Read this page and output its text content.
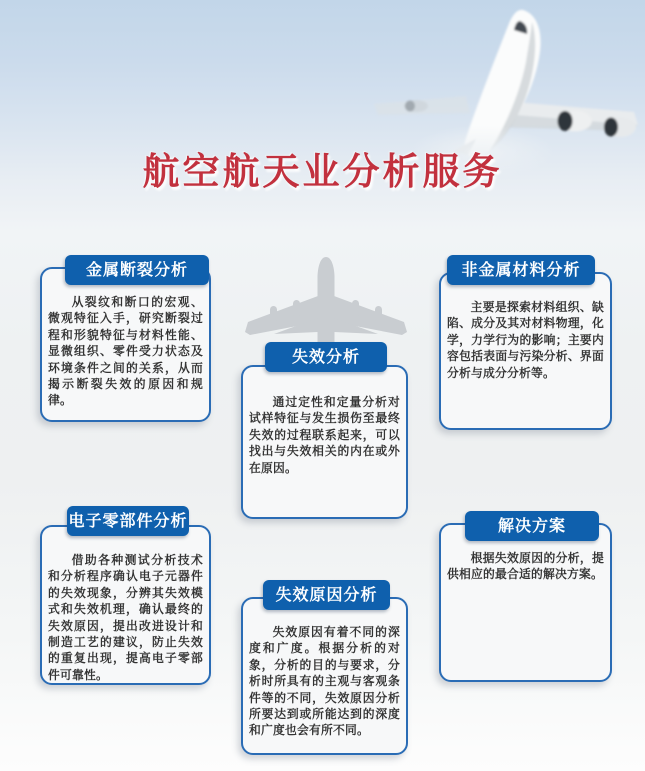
航空航天业分析服务
金属断裂分析
从裂纹和断口的宏观、微观特征入手，研究断裂过程和形貌特征与材料性能、显微组织、零件受力状态及环境条件之间的关系，从而揭示断裂失效的原因和规律。
失效分析
通过定性和定量分析对试样特征与发生损伤至最终失效的过程联系起来，可以找出与失效相关的内在或外在原因。
非金属材料分析
主要是探索材料组织、缺陷、成分及其对材料物理，化学，力学行为的影响；主要内容包括表面与污染分析、界面分析与成分分析等。
电子零部件分析
借助各种测试分析技术和分析程序确认电子元器件的失效现象，分辨其失效模式和失效机理，确认最终的失效原因，提出改进设计和制造工艺的建议，防止失效的重复出现，提高电子零部件可靠性。
失效原因分析
失效原因有着不同的深度和广度。根据分析的对象，分析的目的与要求，分析时所具有的主观与客观条件等的不同，失效原因分析所要达到或所能达到的深度和广度也会有所不同。
解决方案
根据失效原因的分析，提供相应的最合适的解决方案。
